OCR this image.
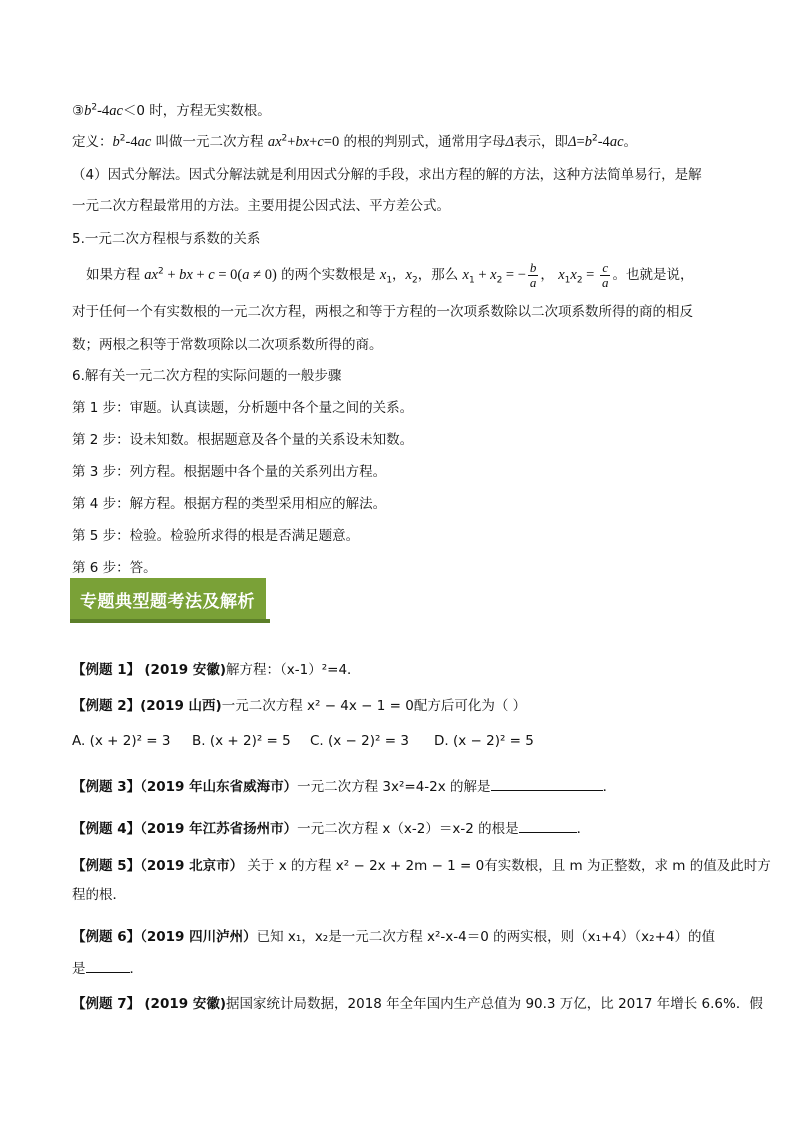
$③b^2-4ac<0$ 时，方程无实数根。
定义：$b^2-4ac$ 叫做一元二次方程 $ax^2+bx+c=0$ 的根的判别式，通常用字母Δ表示，即$\Delta=b^2-4ac$。
（4）因式分解法。因式分解法就是利用因式分解的手段，求出方程的解的方法，这种方法简单易行，是解
一元二次方程最常用的方法。主要用提公因式法、平方差公式。
5.一元二次方程根与系数的关系
如果方程 $ax^2$ + bx + c = 0(a ≠ 0) 的两个实数根是 $x_1$，$x_2$，那么 $x_1 + x_2$ = − $\frac{b}{a}$ ， $x_1x_2 = \frac{c}{a}$ 。也就是说，
对于任何一个有实数根的一元二次方程，两根之和等于方程的一次项系数除以二次项系数所得的商的相反
数；两根之积等于常数项除以二次项系数所得的商。
6.解有关一元二次方程的实际问题的一般步骤
第 1 步：审题。认真读题，分析题中各个量之间的关系。
第 2 步：设未知数。根据题意及各个量的关系设未知数。
第 3 步：列方程。根据题中各个量的关系列出方程。
第 4 步：解方程。根据方程的类型采用相应的解法。
第 5 步：检验。检验所求得的根是否满足题意。
第 6 步：答。
专题典型题考法及解析
【例题 1】 (2019 安徽)解方程：（x-1）²=4．
【例题 2】(2019 山西)一元二次方程 x² − 4x − 1 = 0配方后可化为（ ）
A. (x + 2)² = 3 B. (x + 2)² = 5 C. (x − 2)² = 3 D. (x − 2)² = 5
【例题 3】（2019 年山东省威海市）一元二次方程 3x²=4-2x 的解是	．
【例题 4】（2019 年江苏省扬州市）一元二次方程 x（x-2）＝x-2 的根是	．
【例题 5】（2019 北京市） 关于 x 的方程 x² − 2x + 2m − 1 = 0有实数根，且 m 为正整数，求 m 的值及此时方
程的根．
【例题 6】（2019 四川泸州）已知 x₁，x₂是一元二次方程 x²-x-4＝0 的两实根，则（x₁+4）（x₂+4）的值
是	．
【例题 7】 (2019 安徽)据国家统计局数据，2018 年全年国内生产总值为 90.3 万亿，比 2017 年增长 6.6%．假
